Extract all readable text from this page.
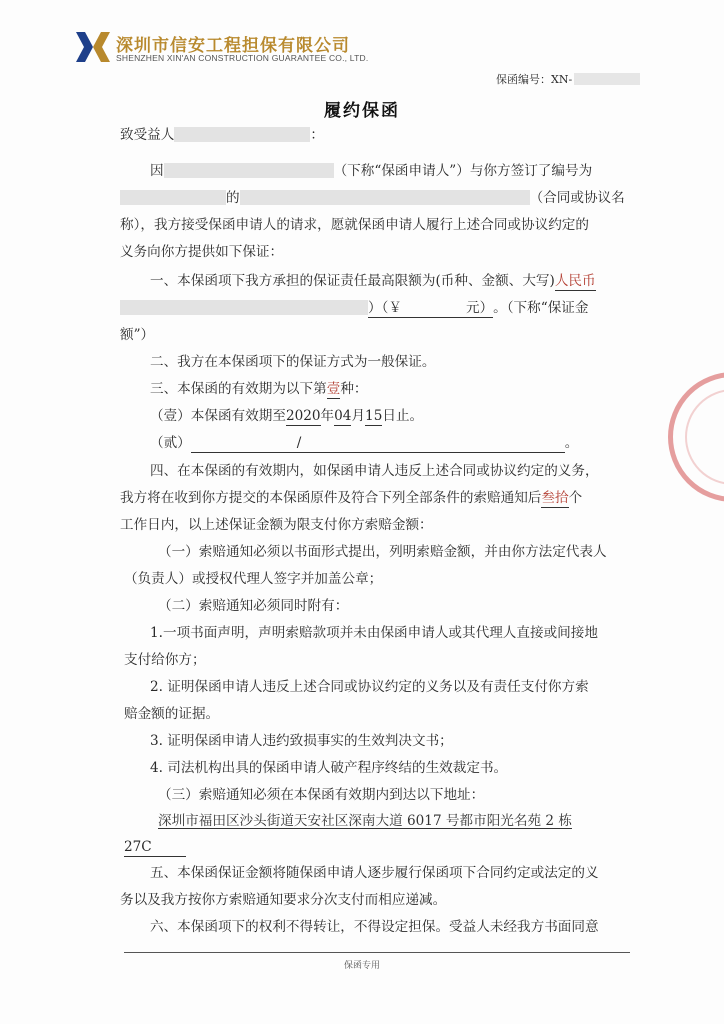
深圳市信安工程担保有限公司
SHENZHEN XIN'AN CONSTRUCTION GUARANTEE CO., LTD.
保函编号：XN-
履约保函
致受益人	：
因	（下称“保函申请人”）与你方签订了编号为
的	（合同或协议名
称），我方接受保函申请人的请求，愿就保函申请人履行上述合同或协议约定的
义务向你方提供如下保证：
一、本保函项下我方承担的保证责任最高限额为(币种、金额、大写)人民币
）（￥	元）。（下称“保证金
额”）
二、我方在本保函项下的保证方式为一般保证。
三、本保函的有效期为以下第壹种：
（壹）本保函有效期至2020年04月15日止。
（贰）	/	。
四、在本保函的有效期内，如保函申请人违反上述合同或协议约定的义务，
我方将在收到你方提交的本保函原件及符合下列全部条件的索赔通知后叁拾个
工作日内，以上述保证金额为限支付你方索赔金额：
（一）索赔通知必须以书面形式提出，列明索赔金额，并由你方法定代表人
（负责人）或授权代理人签字并加盖公章；
（二）索赔通知必须同时附有：
1.一项书面声明，声明索赔款项并未由保函申请人或其代理人直接或间接地
支付给你方；
2. 证明保函申请人违反上述合同或协议约定的义务以及有责任支付你方索
赔金额的证据。
3. 证明保函申请人违约致损事实的生效判决文书；
4. 司法机构出具的保函申请人破产程序终结的生效裁定书。
（三）索赔通知必须在本保函有效期内到达以下地址：
深圳市福田区沙头街道天安社区深南大道 6017 号都市阳光名苑 2 栋
27C
五、本保函保证金额将随保函申请人逐步履行保函项下合同约定或法定的义
务以及我方按你方索赔通知要求分次支付而相应递减。
六、本保函项下的权利不得转让，不得设定担保。受益人未经我方书面同意
保函专用
